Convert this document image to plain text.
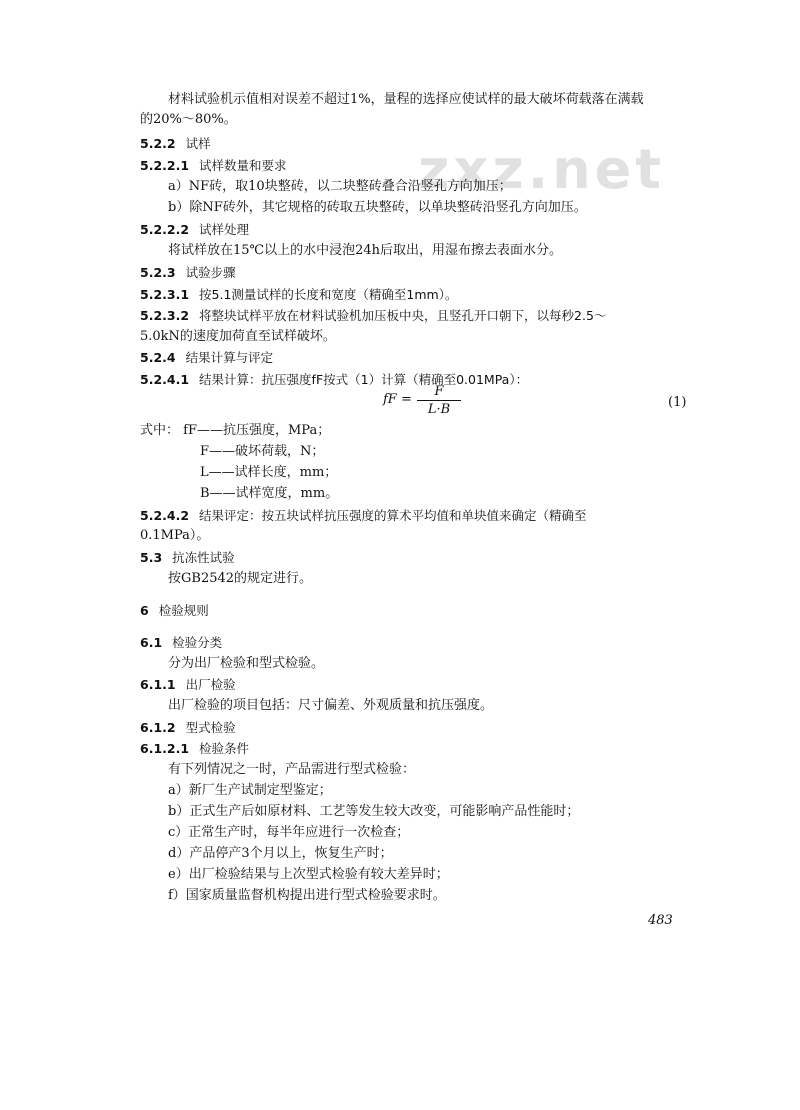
zxz.net
材料试验机示值相对误差不超过1%，量程的选择应使试样的最大破坏荷载落在满载
的20%～80%。
5.2.2 试样
5.2.2.1 试样数量和要求
a）NF砖，取10块整砖，以二块整砖叠合沿竖孔方向加压；
b）除NF砖外，其它规格的砖取五块整砖，以单块整砖沿竖孔方向加压。
5.2.2.2 试样处理
将试样放在15℃以上的水中浸泡24h后取出，用湿布擦去表面水分。
5.2.3 试验步骤
5.2.3.1 按5.1测量试样的长度和宽度（精确至1mm）。
5.2.3.2 将整块试样平放在材料试验机加压板中央，且竖孔开口朝下，以每秒2.5～
5.0kN的速度加荷直至试样破坏。
5.2.4 结果计算与评定
5.2.4.1 结果计算：抗压强度fF按式（1）计算（精确至0.01MPa）：
fF =
F
L·B	(1)
式中： fF——抗压强度，MPa；
F——破坏荷载，N；
L——试样长度，mm；
B——试样宽度，mm。
5.2.4.2 结果评定：按五块试样抗压强度的算术平均值和单块值来确定（精确至
0.1MPa）。
5.3 抗冻性试验
按GB2542的规定进行。
6 检验规则
6.1 检验分类
分为出厂检验和型式检验。
6.1.1 出厂检验
出厂检验的项目包括：尺寸偏差、外观质量和抗压强度。
6.1.2 型式检验
6.1.2.1 检验条件
有下列情况之一时，产品需进行型式检验：
a）新厂生产试制定型鉴定；
b）正式生产后如原材料、工艺等发生较大改变，可能影响产品性能时；
c）正常生产时，每半年应进行一次检查；
d）产品停产3个月以上，恢复生产时；
e）出厂检验结果与上次型式检验有较大差异时；
f）国家质量监督机构提出进行型式检验要求时。
483
